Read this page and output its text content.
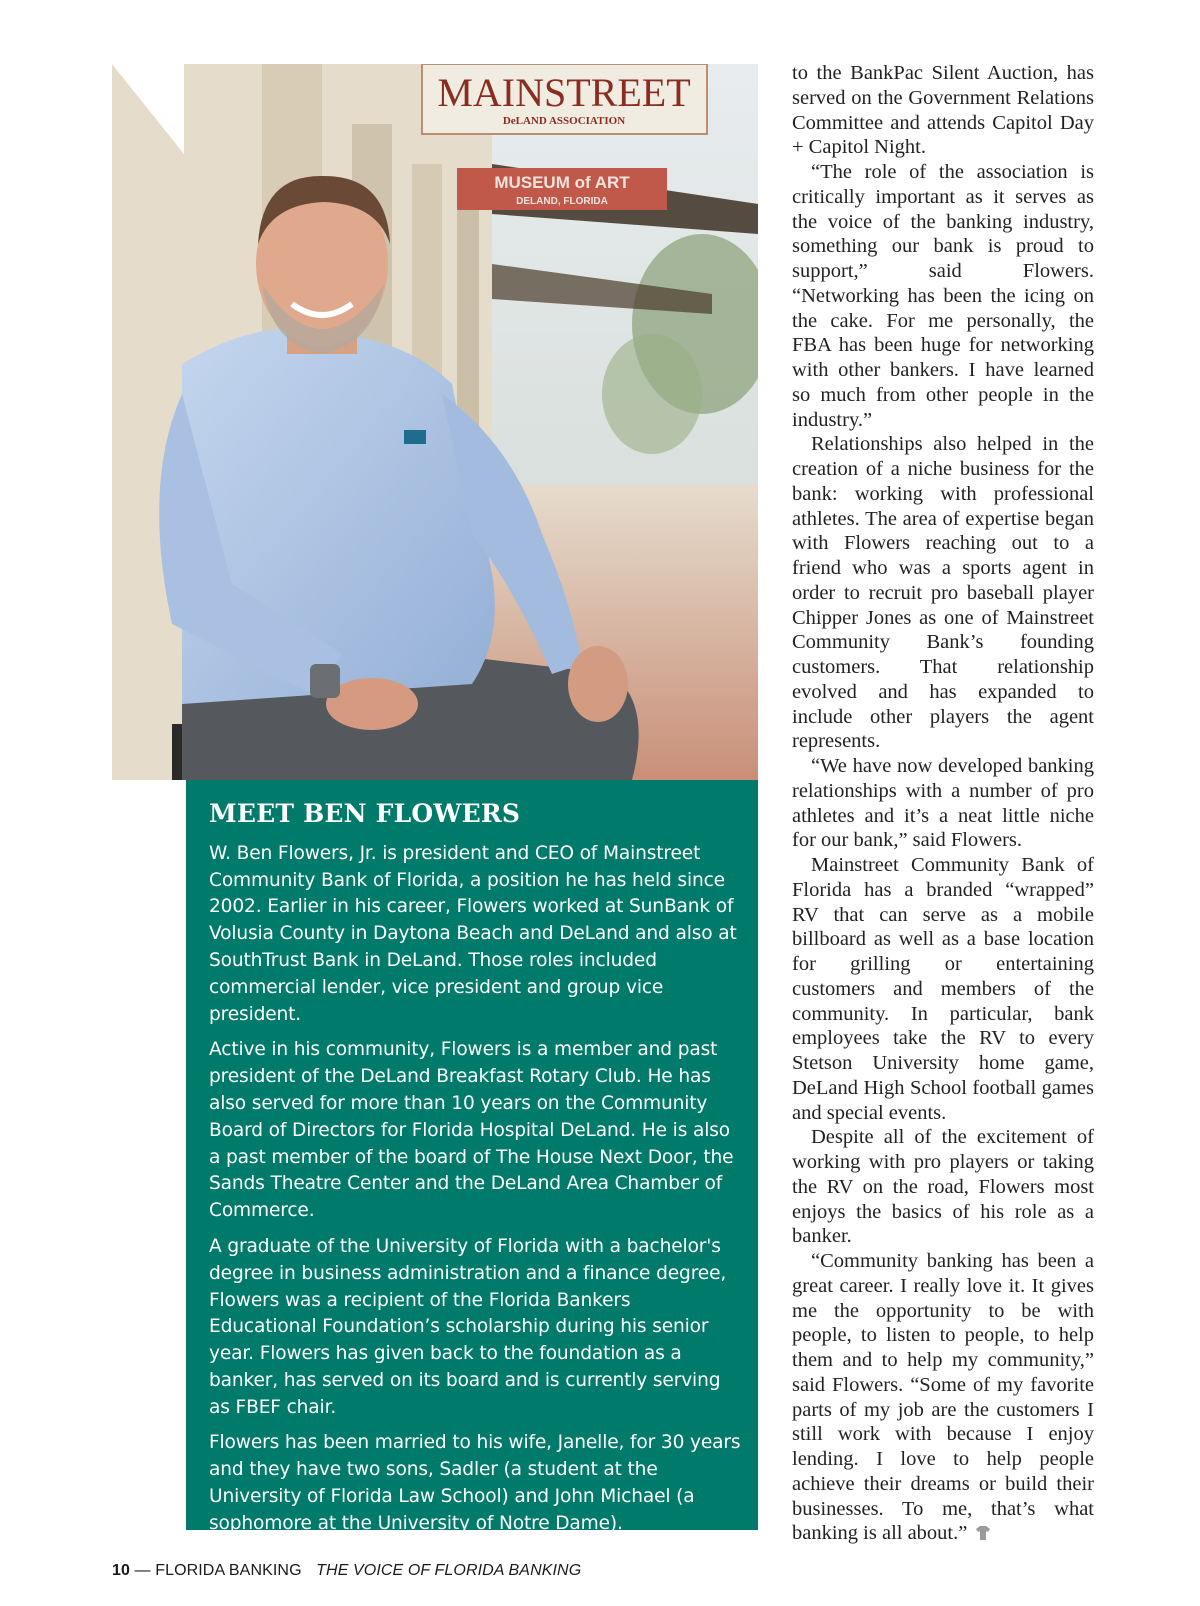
MAINSTREET
DeLAND ASSOCIATION
MUSEUM of ART
DELAND, FLORIDA
MEET BEN FLOWERS

W. Ben Flowers, Jr. is president and CEO of Mainstreet Community Bank of Florida, a position he has held since 2002. Earlier in his career, Flowers worked at SunBank of Volusia County in Daytona Beach and DeLand and also at SouthTrust Bank in DeLand. Those roles included commercial lender, vice president and group vice president.

Active in his community, Flowers is a member and past president of the DeLand Breakfast Rotary Club. He has also served for more than 10 years on the Community Board of Directors for Florida Hospital DeLand. He is also a past member of the board of The House Next Door, the Sands Theatre Center and the DeLand Area Chamber of Commerce.

A graduate of the University of Florida with a bachelor's degree in business administration and a finance degree, Flowers was a recipient of the Florida Bankers Educational Foundation’s scholarship during his senior year. Flowers has given back to the foundation as a banker, has served on its board and is currently serving as FBEF chair.

Flowers has been married to his wife, Janelle, for 30 years and they have two sons, Sadler (a student at the University of Florida Law School) and John Michael (a sophomore at the University of Notre Dame).

to the BankPac Silent Auction, has served on the Government Relations Committee and attends Capitol Day + Capitol Night.

“The role of the association is critically important as it serves as the voice of the banking industry, something our bank is proud to support,” said Flowers. “Networking has been the icing on the cake. For me personally, the FBA has been huge for networking with other bankers. I have learned so much from other people in the industry.”

Relationships also helped in the creation of a niche business for the bank: working with professional athletes. The area of expertise began with Flowers reaching out to a friend who was a sports agent in order to recruit pro baseball player Chipper Jones as one of Mainstreet Community Bank’s founding customers. That relationship evolved and has expanded to include other players the agent represents.

“We have now developed banking relationships with a number of pro athletes and it’s a neat little niche for our bank,” said Flowers.

Mainstreet Community Bank of Florida has a branded “wrapped” RV that can serve as a mobile billboard as well as a base location for grilling or entertaining customers and members of the community. In particular, bank employees take the RV to every Stetson University home game, DeLand High School football games and special events.

Despite all of the excitement of working with pro players or taking the RV on the road, Flowers most enjoys the basics of his role as a banker.

“Community banking has been a great career. I really love it. It gives me the opportunity to be with people, to listen to people, to help them and to help my community,” said Flowers. “Some of my favorite parts of my job are the customers I still work with because I enjoy lending. I love to help people achieve their dreams or build their businesses. To me, that’s what banking is all about.”

10 — FLORIDA BANKING THE VOICE OF FLORIDA BANKING
